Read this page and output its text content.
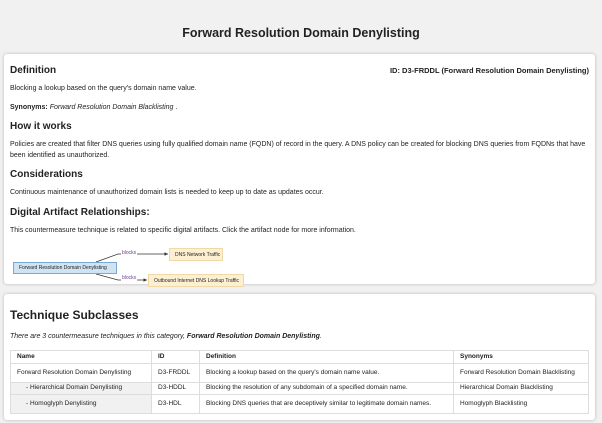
Forward Resolution Domain Denylisting
Definition	ID: D3-FRDDL (Forward Resolution Domain Denylisting)

Blocking a lookup based on the query's domain name value.

Synonyms: Forward Resolution Domain Blacklisting .

How it works

Policies are created that filter DNS queries using fully qualified domain name (FQDN) of record in the query. A DNS policy can be created for blocking DNS queries from FQDNs that have been identified as unauthorized.

Considerations

Continuous maintenance of unauthorized domain lists is needed to keep up to date as updates occur.

Digital Artifact Relationships:

This countermeasure technique is related to specific digital artifacts. Click the artifact node for more information.

Forward Resolution Domain Denylisting
blocks
blocks
DNS Network Traffic
Outbound Internet DNS Lookup Traffic
Technique Subclasses

There are 3 countermeasure techniques in this category, Forward Resolution Domain Denylisting.

Name	ID	Definition	Synonyms
Forward Resolution Domain Denylisting	D3-FRDDL	Blocking a lookup based on the query's domain name value.	Forward Resolution Domain Blacklisting
- Hierarchical Domain Denylisting	D3-HDDL	Blocking the resolution of any subdomain of a specified domain name.	Hierarchical Domain Blacklisting
- Homoglyph Denylisting	D3-HDL	Blocking DNS queries that are deceptively similar to legitimate domain names.	Homoglyph Blacklisting
